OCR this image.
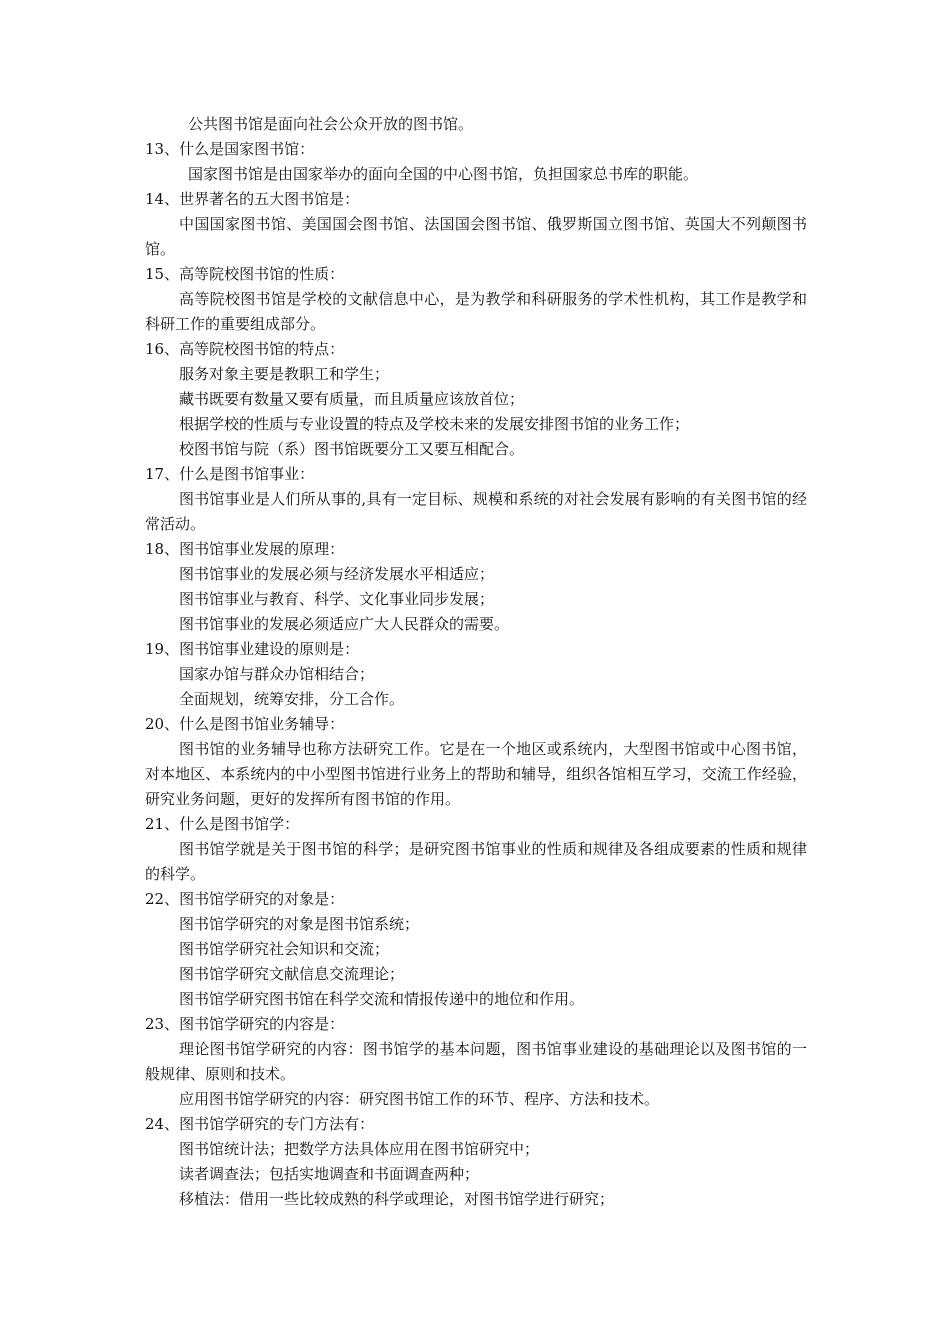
公共图书馆是面向社会公众开放的图书馆。

13、什么是国家图书馆：

国家图书馆是由国家举办的面向全国的中心图书馆，负担国家总书库的职能。

14、世界著名的五大图书馆是：

中国国家图书馆、美国国会图书馆、法国国会图书馆、俄罗斯国立图书馆、英国大不列颠图书馆。

15、高等院校图书馆的性质：

高等院校图书馆是学校的文献信息中心，是为教学和科研服务的学术性机构，其工作是教学和科研工作的重要组成部分。

16、高等院校图书馆的特点：

服务对象主要是教职工和学生；

藏书既要有数量又要有质量，而且质量应该放首位；

根据学校的性质与专业设置的特点及学校未来的发展安排图书馆的业务工作；

校图书馆与院（系）图书馆既要分工又要互相配合。

17、什么是图书馆事业：

图书馆事业是人们所从事的,具有一定目标、规模和系统的对社会发展有影响的有关图书馆的经常活动。

18、图书馆事业发展的原理：

图书馆事业的发展必须与经济发展水平相适应；

图书馆事业与教育、科学、文化事业同步发展；

图书馆事业的发展必须适应广大人民群众的需要。

19、图书馆事业建设的原则是：

国家办馆与群众办馆相结合；

全面规划，统筹安排，分工合作。

20、什么是图书馆业务辅导：

图书馆的业务辅导也称方法研究工作。它是在一个地区或系统内，大型图书馆或中心图书馆，对本地区、本系统内的中小型图书馆进行业务上的帮助和辅导，组织各馆相互学习，交流工作经验，研究业务问题，更好的发挥所有图书馆的作用。

21、什么是图书馆学：

图书馆学就是关于图书馆的科学；是研究图书馆事业的性质和规律及各组成要素的性质和规律的科学。

22、图书馆学研究的对象是：

图书馆学研究的对象是图书馆系统；

图书馆学研究社会知识和交流；

图书馆学研究文献信息交流理论；

图书馆学研究图书馆在科学交流和情报传递中的地位和作用。

23、图书馆学研究的内容是：

理论图书馆学研究的内容：图书馆学的基本问题，图书馆事业建设的基础理论以及图书馆的一般规律、原则和技术。

应用图书馆学研究的内容：研究图书馆工作的环节、程序、方法和技术。

24、图书馆学研究的专门方法有：

图书馆统计法；把数学方法具体应用在图书馆研究中；

读者调查法；包括实地调查和书面调查两种；

移植法：借用一些比较成熟的科学或理论，对图书馆学进行研究；
